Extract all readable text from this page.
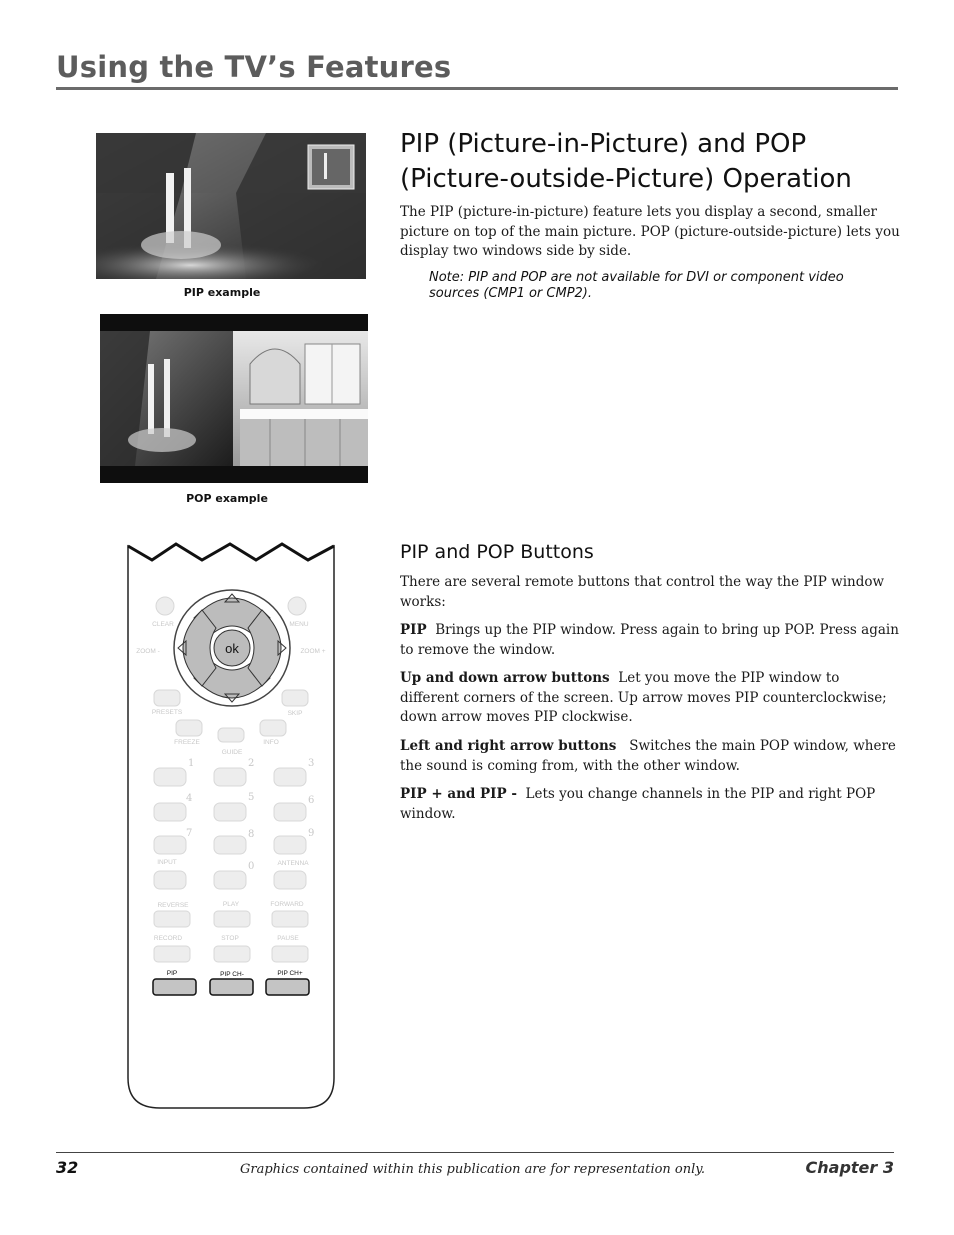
Using the TV’s Features
PIP example
POP example
PIP (Picture-in-Picture) and POP (Picture-outside-Picture) Operation
The PIP (picture-in-picture) feature lets you display a second, smaller picture on top of the main picture. POP (picture-outside-picture) lets you display two windows side by side.
Note: PIP and POP are not available for DVI or component video sources (CMP1 or CMP2).
PIP and POP Buttons
There are several remote buttons that control the way the PIP window works:
PIP Brings up the PIP window. Press again to bring up POP. Press again to remove the window.
Up and down arrow buttons Let you move the PIP window to different corners of the screen. Up arrow moves PIP counterclockwise; down arrow moves PIP clockwise.
Left and right arrow buttons Switches the main POP window, where the sound is coming from, with the other window.
PIP + and PIP - Lets you change channels in the PIP and right POP window.
ok
CLEAR	MENU
ZOOM -	ZOOM +
PRESETS	SKIP
FREEZE	INFO
GUIDE
INPUT	ANTENNA
REVERSE	PLAY	FORWARD
RECORD	STOP	PAUSE
1	2	3
4	5	6
7	8	9
0
PIP	PIP CH-	PIP CH+
32	Graphics contained within this publication are for representation only.	Chapter 3
